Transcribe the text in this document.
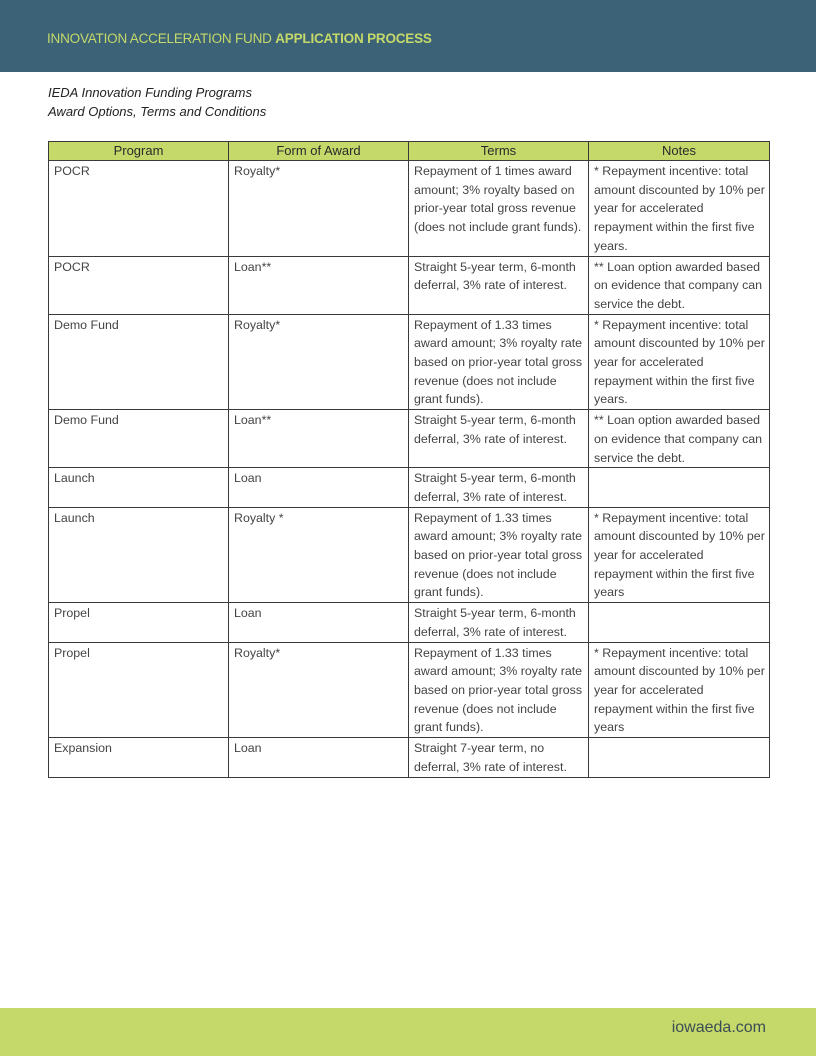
INNOVATION ACCELERATION FUND APPLICATION PROCESS
IEDA Innovation Funding Programs
Award Options, Terms and Conditions
Program	Form of Award	Terms	Notes
POCR	Royalty*	Repayment of 1 times award amount; 3% royalty based on prior-year total gross revenue (does not include grant funds).	* Repayment incentive: total amount discounted by 10% per year for accelerated repayment within the first five years.
POCR	Loan**	Straight 5-year term, 6-month deferral, 3% rate of interest.	** Loan option awarded based on evidence that company can service the debt.
Demo Fund	Royalty*	Repayment of 1.33 times award amount; 3% royalty rate based on prior-year total gross revenue (does not include grant funds).	* Repayment incentive: total amount discounted by 10% per year for accelerated repayment within the first five years.
Demo Fund	Loan**	Straight 5-year term, 6-month deferral, 3% rate of interest.	** Loan option awarded based on evidence that company can service the debt.
Launch	Loan	Straight 5-year term, 6-month deferral, 3% rate of interest.	
Launch	Royalty *	Repayment of 1.33 times award amount; 3% royalty rate based on prior-year total gross revenue (does not include grant funds).	* Repayment incentive: total amount discounted by 10% per year for accelerated repayment within the first five years
Propel	Loan	Straight 5-year term, 6-month deferral, 3% rate of interest.	
Propel	Royalty*	Repayment of 1.33 times award amount; 3% royalty rate based on prior-year total gross revenue (does not include grant funds).	* Repayment incentive: total amount discounted by 10% per year for accelerated repayment within the first five years
Expansion	Loan	Straight 7-year term, no deferral, 3% rate of interest.	
iowaeda.com
